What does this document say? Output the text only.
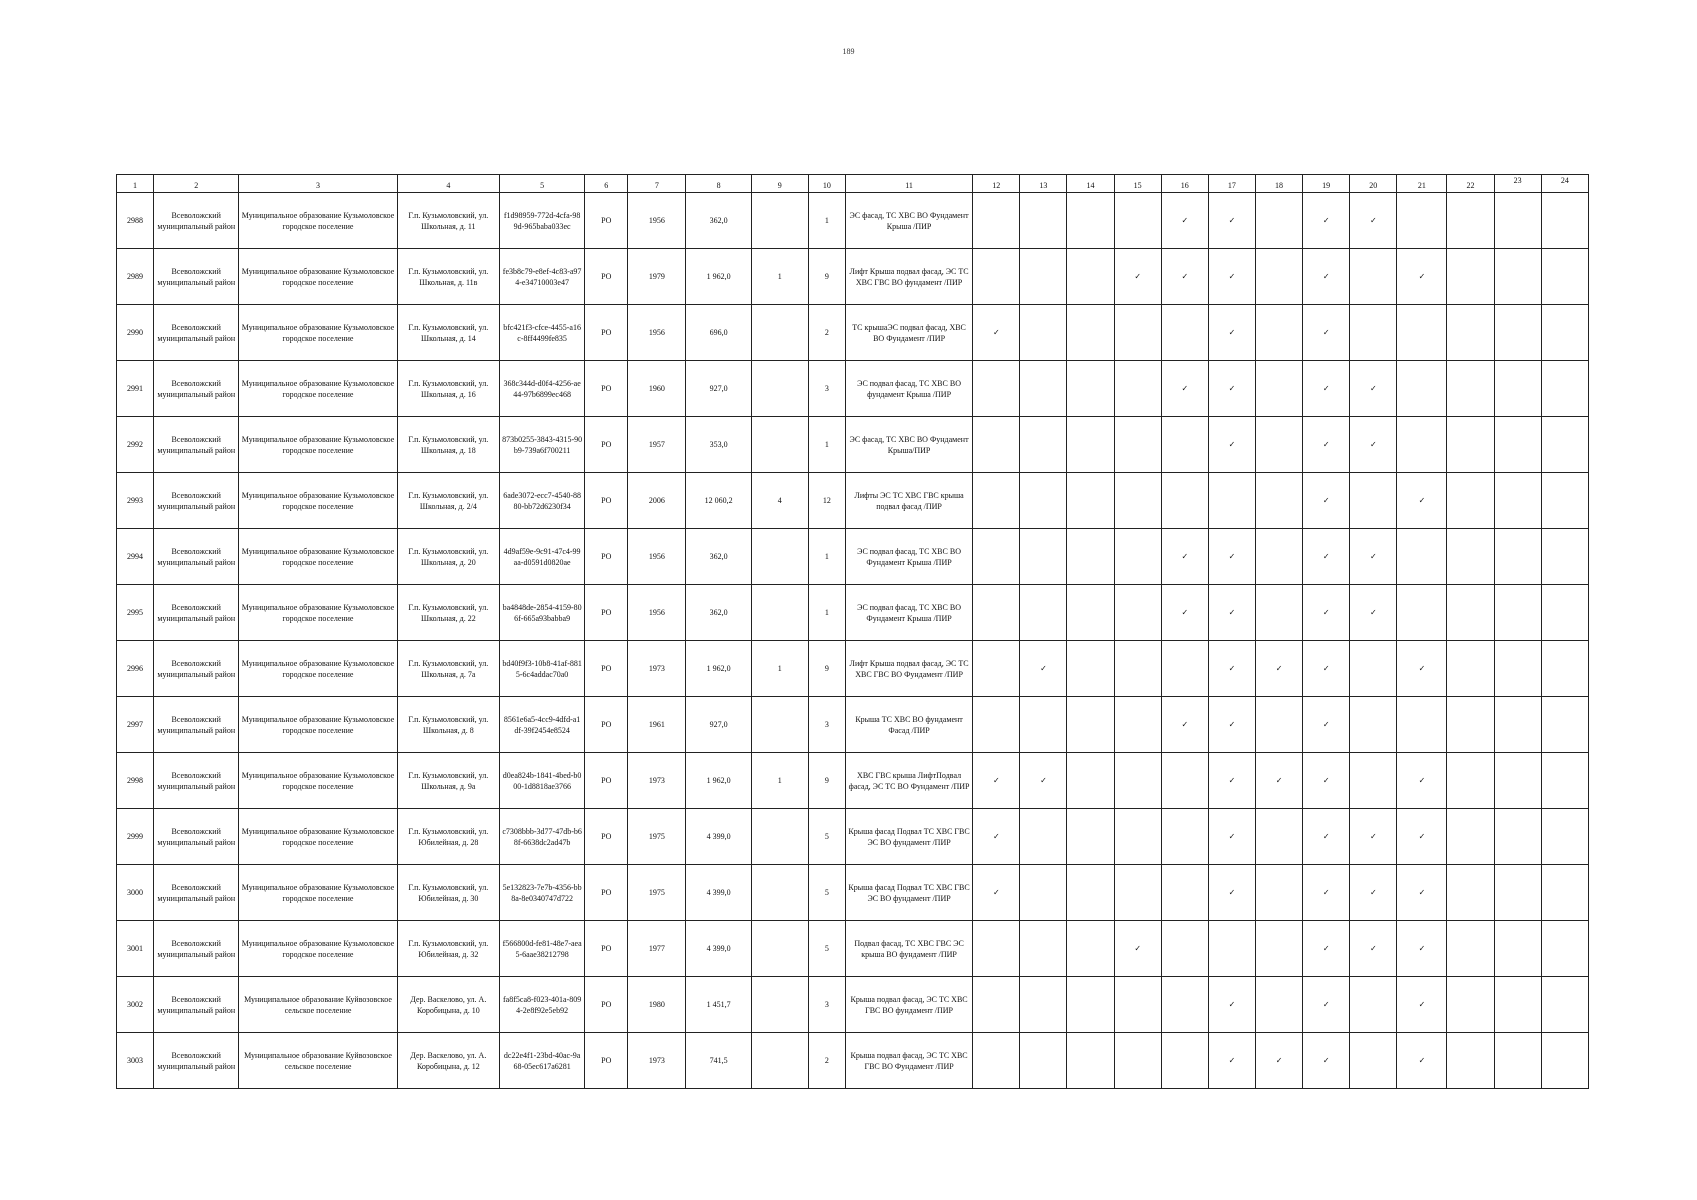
189
1	2	3	4	5	6	7	8	9	10	11	12	13	14	15	16	17	18	19	20	21	22	23	24
2988	Всеволожский муниципальный район	Муниципальное образование Кузьмоловское городское поселение	Г.п. Кузьмоловский, ул. Школьная, д. 11	f1d98959-772d-4cfa-989d-965baba033ec	РО	1956	362,0		1	ЭС фасад, ТС ХВС ВО Фундамент Крыша /ПИР					✓	✓		✓	✓				
2989	Всеволожский муниципальный район	Муниципальное образование Кузьмоловское городское поселение	Г.п. Кузьмоловский, ул. Школьная, д. 11в	fe3b8c79-e8ef-4c83-a974-e34710003e47	РО	1979	1 962,0	1	9	Лифт Крыша подвал фасад, ЭС ТС ХВС ГВС ВО фундамент /ПИР				✓	✓	✓		✓		✓			
2990	Всеволожский муниципальный район	Муниципальное образование Кузьмоловское городское поселение	Г.п. Кузьмоловский, ул. Школьная, д. 14	bfc421f3-cfce-4455-a16c-8ff4499fe835	РО	1956	696,0		2	ТС крышаЭС подвал фасад, ХВС ВО Фундамент /ПИР	✓					✓		✓					
2991	Всеволожский муниципальный район	Муниципальное образование Кузьмоловское городское поселение	Г.п. Кузьмоловский, ул. Школьная, д. 16	368c344d-d0f4-4256-ae44-97b6899ec468	РО	1960	927,0		3	ЭС подвал фасад, ТС ХВС ВО фундамент Крыша /ПИР					✓	✓		✓	✓				
2992	Всеволожский муниципальный район	Муниципальное образование Кузьмоловское городское поселение	Г.п. Кузьмоловский, ул. Школьная, д. 18	873b0255-3843-4315-90b9-739a6f700211	РО	1957	353,0		1	ЭС фасад, ТС ХВС ВО Фундамент Крыша/ПИР						✓		✓	✓				
2993	Всеволожский муниципальный район	Муниципальное образование Кузьмоловское городское поселение	Г.п. Кузьмоловский, ул. Школьная, д. 2/4	6ade3072-ecc7-4540-8880-bb72d6230f34	РО	2006	12 060,2	4	12	Лифты ЭС ТС ХВС ГВС крыша подвал фасад /ПИР								✓		✓			
2994	Всеволожский муниципальный район	Муниципальное образование Кузьмоловское городское поселение	Г.п. Кузьмоловский, ул. Школьная, д. 20	4d9af59e-9c91-47c4-99aa-d0591d0820ae	РО	1956	362,0		1	ЭС подвал фасад, ТС ХВС ВО Фундамент Крыша /ПИР					✓	✓		✓	✓				
2995	Всеволожский муниципальный район	Муниципальное образование Кузьмоловское городское поселение	Г.п. Кузьмоловский, ул. Школьная, д. 22	ba4848de-2854-4159-806f-665a93babba9	РО	1956	362,0		1	ЭС подвал фасад, ТС ХВС ВО Фундамент Крыша /ПИР					✓	✓		✓	✓				
2996	Всеволожский муниципальный район	Муниципальное образование Кузьмоловское городское поселение	Г.п. Кузьмоловский, ул. Школьная, д. 7а	bd40f9f3-10b8-41af-8815-6c4addac70a0	РО	1973	1 962,0	1	9	Лифт Крыша подвал фасад, ЭС ТС ХВС ГВС ВО Фундамент /ПИР		✓				✓	✓	✓		✓			
2997	Всеволожский муниципальный район	Муниципальное образование Кузьмоловское городское поселение	Г.п. Кузьмоловский, ул. Школьная, д. 8	8561e6a5-4cc9-4dfd-a1df-39f2454e8524	РО	1961	927,0		3	Крыша ТС ХВС ВО фундамент Фасад /ПИР					✓	✓		✓					
2998	Всеволожский муниципальный район	Муниципальное образование Кузьмоловское городское поселение	Г.п. Кузьмоловский, ул. Школьная, д. 9а	d0ea824b-1841-4bed-b000-1d8818ae3766	РО	1973	1 962,0	1	9	ХВС ГВС крыша ЛифтПодвал фасад, ЭС ТС ВО Фундамент /ПИР	✓	✓				✓	✓	✓		✓			
2999	Всеволожский муниципальный район	Муниципальное образование Кузьмоловское городское поселение	Г.п. Кузьмоловский, ул. Юбилейная, д. 28	c7308bbb-3d77-47db-b68f-6638dc2ad47b	РО	1975	4 399,0		5	Крыша фасад Подвал ТС ХВС ГВС ЭС ВО фундамент /ПИР	✓					✓		✓	✓	✓			
3000	Всеволожский муниципальный район	Муниципальное образование Кузьмоловское городское поселение	Г.п. Кузьмоловский, ул. Юбилейная, д. 30	5e132823-7e7b-4356-bb8a-8e0340747d722	РО	1975	4 399,0		5	Крыша фасад Подвал ТС ХВС ГВС ЭС ВО фундамент /ПИР	✓					✓		✓	✓	✓			
3001	Всеволожский муниципальный район	Муниципальное образование Кузьмоловское городское поселение	Г.п. Кузьмоловский, ул. Юбилейная, д. 32	f566800d-fe81-48e7-aea5-6aae38212798	РО	1977	4 399,0		5	Подвал фасад, ТС ХВС ГВС ЭС крыша ВО фундамент /ПИР				✓				✓	✓	✓			
3002	Всеволожский муниципальный район	Муниципальное образование Куйвозовское сельское поселение	Дер. Васкелово, ул. А. Коробицына, д. 10	fa8f5ca8-f023-401a-8094-2e8f92e5eb92	РО	1980	1 451,7		3	Крыша подвал фасад, ЭС ТС ХВС ГВС ВО фундамент /ПИР						✓		✓		✓			
3003	Всеволожский муниципальный район	Муниципальное образование Куйвозовское сельское поселение	Дер. Васкелово, ул. А. Коробицына, д. 12	dc22e4f1-23bd-40ac-9a68-05ec617a6281	РО	1973	741,5		2	Крыша подвал фасад, ЭС ТС ХВС ГВС ВО Фундамент /ПИР						✓	✓	✓		✓			
